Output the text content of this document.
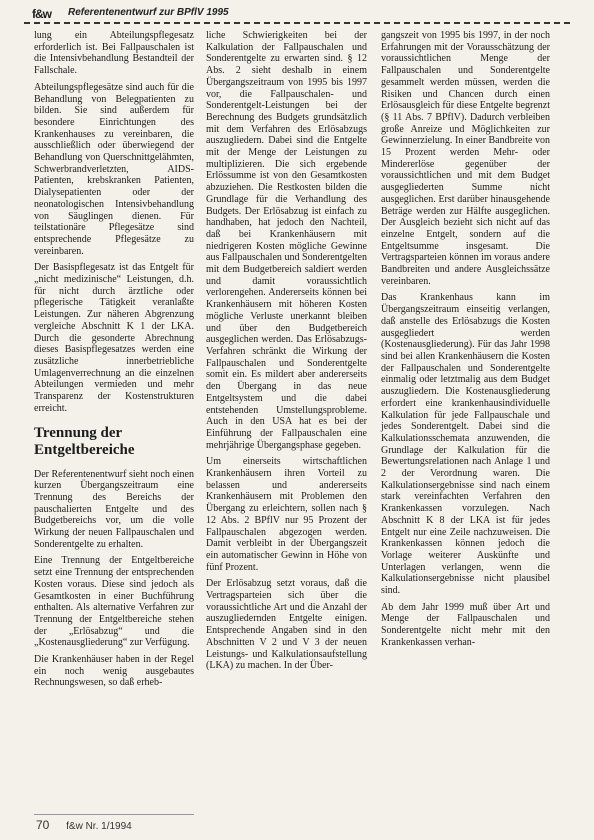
f&w Referentenentwurf zur BPflV 1995

lung ein Abteilungspflegesatz erforderlich ist. Bei Fallpauschalen ist die Intensivbehandlung Bestandteil der Fallschale.

Abteilungspflegesätze sind auch für die Behandlung von Belegpatienten zu bilden. Sie sind außerdem für besondere Einrichtungen des Krankenhauses zu vereinbaren, die ausschließlich oder überwiegend der Behandlung von Querschnittgelähmten, Schwerbrandverletzten, AIDS-Patienten, krebskranken Patienten, Dialysepatienten oder der neonatologischen Intensivbehandlung von Säuglingen dienen. Für teilstationäre Pflegesätze sind entsprechende Pflegesätze zu vereinbaren.

Der Basispflegesatz ist das Entgelt für „nicht medizinische“ Leistungen, d.h. für nicht durch ärztliche oder pflegerische Tätigkeit veranlaßte Leistungen. Zur näheren Abgrenzung vergleiche Abschnitt K 1 der LKA. Durch die gesonderte Abrechnung dieses Basispflegesatzes werden eine zusätzliche innerbetriebliche Umlagenverrechnung an die einzelnen Abteilungen vermieden und mehr Transparenz der Kostenstrukturen erreicht.

Trennung der Entgeltbereiche

Der Referentenentwurf sieht noch einen kurzen Übergangszeitraum eine Trennung des Bereichs der pauschalierten Entgelte und des Budgetbereichs vor, um die volle Wirkung der neuen Fallpauschalen und Sonderentgelte zu erhalten.

Eine Trennung der Entgeltbereiche setzt eine Trennung der entsprechenden Kosten voraus. Diese sind jedoch als Gesamtkosten in einer Buchführung enthalten. Als alternative Verfahren zur Trennung der Entgeltbereiche stehen der „Erlösabzug“ und die „Kostenausgliederung“ zur Verfügung.

Die Krankenhäuser haben in der Regel ein noch wenig ausgebautes Rechnungswesen, so daß erheb-

liche Schwierigkeiten bei der Kalkulation der Fallpauschalen und Sonderentgelte zu erwarten sind. § 12 Abs. 2 sieht deshalb in einem Übergangszeitraum von 1995 bis 1997 vor, die Fallpauschalen- und Sonderentgelt-Leistungen bei der Berechnung des Budgets grundsätzlich mit dem Verfahren des Erlösabzugs auszugliedern. Dabei sind die Entgelte mit der Menge der Leistungen zu multiplizieren. Die sich ergebende Erlössumme ist von den Gesamtkosten abzuziehen. Die Restkosten bilden die Grundlage für die Verhandlung des Budgets. Der Erlösabzug ist einfach zu handhaben, hat jedoch den Nachteil, daß bei Krankenhäusern mit niedrigeren Kosten mögliche Gewinne aus Fallpauschalen und Sonderentgelten mit dem Budgetbereich saldiert werden und damit voraussichtlich verlorengehen. Andererseits können bei Krankenhäusern mit höheren Kosten mögliche Verluste unerkannt bleiben und über den Budgetbereich ausgeglichen werden. Das Erlösabzugs-Verfahren schränkt die Wirkung der Fallpauschalen und Sonderentgelte somit ein. Es mildert aber andererseits den Übergang in das neue Entgeltsystem und die dabei entstehenden Umstellungsprobleme. Auch in den USA hat es bei der Einführung der Fallpauschalen eine mehrjährige Übergangsphase gegeben.

Um einerseits wirtschaftlichen Krankenhäusern ihren Vorteil zu belassen und andererseits Krankenhäusern mit Problemen den Übergang zu erleichtern, sollen nach § 12 Abs. 2 BPflV nur 95 Prozent der Fallpauschalen abgezogen werden. Damit verbleibt in der Übergangszeit ein automatischer Gewinn in Höhe von fünf Prozent.

Der Erlösabzug setzt voraus, daß die Vertragsparteien sich über die voraussichtliche Art und die Anzahl der auszugliedernden Entgelte einigen. Entsprechende Angaben sind in den Abschnitten V 2 und V 3 der neuen Leistungs- und Kalkulationsaufstellung (LKA) zu machen. In der Über-

gangszeit von 1995 bis 1997, in der noch Erfahrungen mit der Vorausschätzung der voraussichtlichen Menge der Fallpauschalen und Sonderentgelte gesammelt werden müssen, werden die Risiken und Chancen durch einen Erlösausgleich für diese Entgelte begrenzt (§ 11 Abs. 7 BPflV). Dadurch verbleiben große Anreize und Möglichkeiten zur Gewinnerzielung. In einer Bandbreite von 15 Prozent werden Mehr- oder Mindererlöse gegenüber der voraussichtlichen und mit dem Budget ausgegliederten Summe nicht ausgeglichen. Erst darüber hinausgehende Beträge werden zur Hälfte ausgeglichen. Der Ausgleich bezieht sich nicht auf das einzelne Entgelt, sondern auf die Entgeltsumme insgesamt. Die Vertragsparteien können im voraus andere Bandbreiten und andere Ausgleichssätze vereinbaren.

Das Krankenhaus kann im Übergangszeitraum einseitig verlangen, daß anstelle des Erlösabzugs die Kosten ausgegliedert werden (Kostenausgliederung). Für das Jahr 1998 sind bei allen Krankenhäusern die Kosten der Fallpauschalen und Sonderentgelte einmalig oder letztmalig aus dem Budget auszugliedern. Die Kostenausgliederung erfordert eine krankenhausindividuelle Kalkulation für jede Fallpauschale und jedes Sonderentgelt. Dabei sind die Kalkulationsschemata anzuwenden, die Grundlage der Kalkulation für die Bewertungsrelationen nach Anlage 1 und 2 der Verordnung waren. Die Kalkulationsergebnisse sind nach einem stark vereinfachten Verfahren den Krankenkassen vorzulegen. Nach Abschnitt K 8 der LKA ist für jedes Entgelt nur eine Zeile nachzuweisen. Die Krankenkassen können jedoch die Vorlage weiterer Auskünfte und Unterlagen verlangen, wenn die Kalkulationsergebnisse nicht plausibel sind.

Ab dem Jahr 1999 muß über Art und Menge der Fallpauschalen und Sonderentgelte nicht mehr mit den Krankenkassen verhan-

70 f&w Nr. 1/1994
